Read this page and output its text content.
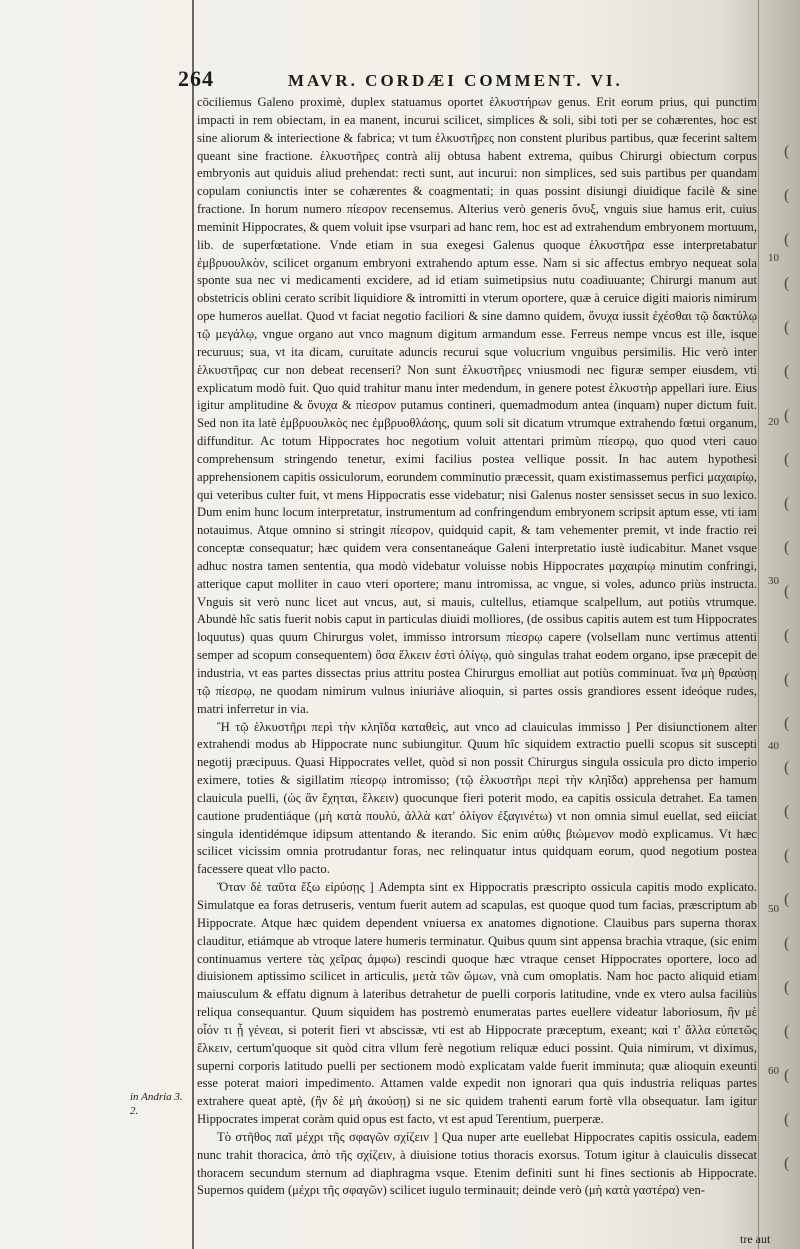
264	MAVR. CORDÆI COMMENT. VI.

cōciliemus Galeno proximè, duplex statuamus oportet ἑλκυστήρων genus. Erit eorum prius, qui punctim impacti in rem obiectam, in ea manent, incurui scilicet, simplices & soli, sibi toti per se cohærentes, hoc est sine aliorum & interiectione & fabrica; vt tum ἑλκυστῆρες non constent pluribus partibus, quæ fecerint saltem queant sine fractione. ἑλκυστῆρες contrà alij obtusa habent extrema, quibus Chirurgi obiectum corpus embryonis aut quiduis aliud prehendat: recti sunt, aut incurui: non simplices, sed suis partibus per quandam copulam coniunctis inter se cohærentes & coagmentati; in quas possint disiungi diuidique facilè & sine fractione. In horum numero πίεσρον recensemus. Alterius verò generis ὄνυξ, vnguis siue hamus erit, cuius meminit Hippocrates, & quem voluit ipse vsurpari ad hanc rem, hoc est ad extrahendum embryonem mortuum, lib. de superfœtatione. Vnde etiam in sua exegesi Galenus quoque ἑλκυστῆρα esse interpretabatur ἐμβρυουλκὸν, scilicet organum embryoni extrahendo aptum esse. Nam si sic affectus embryo nequeat sola sponte sua nec vi medicamenti excidere, ad id etiam suimetipsius nutu coadiuuante; Chirurgi manum aut obstetricis oblini cerato scribit liquidiore & intromitti in vterum oportere, quæ à ceruice digiti maioris nimirum ope humeros auellat. Quod vt faciat negotio faciliori & sine damno quidem, ὄνυχα iussit ἐχέσθαι τῷ δακτύλῳ τῷ μεγάλῳ, vngue organo aut vnco magnum digitum armandum esse. Ferreus nempe vncus est ille, isque recuruus; sua, vt ita dicam, curuitate aduncis recurui sque volucrium vnguibus persimilis. Hic verò inter ἑλκυστῆρας cur non debeat recenseri? Non sunt ἑλκυστῆρες vniusmodi nec figuræ semper eiusdem, vti explicatum modò fuit. Quo quid trahitur manu inter medendum, in genere potest ἑλκυστὴρ appellari iure. Eius igitur amplitudine & ὄνυχα & πίεσρον putamus contineri, quemadmodum antea (inquam) nuper dictum fuit. Sed non ita latè ἐμβρυουλκὸς nec ἐμβρυοθλάσης, quum soli sit dicatum vtrumque extrahendo fœtui organum, diffunditur. Ac totum Hippocrates hoc negotium voluit attentari primùm πίεσρῳ, quo quod vteri cauo comprehensum stringendo tenetur, eximi facilius postea vellique possit. In hac autem hypothesi apprehensionem capitis ossiculorum, eorundem comminutio præcessit, quam existimassemus perfici μαχαιρίῳ, qui veteribus culter fuit, vt mens Hippocratis esse videbatur; nisi Galenus noster sensisset secus in suo lexico. Dum enim hunc locum interpretatur, instrumentum ad confringendum embryonem scripsit aptum esse, vti iam notauimus. Atque omnino si stringit πίεσρον, quidquid capit, & tam vehementer premit, vt inde fractio rei conceptæ consequatur; hæc quidem vera consentaneáque Galeni interpretatio iustè iudicabitur. Manet vsque adhuc nostra tamen sententia, qua modò videbatur voluisse nobis Hippocrates μαχαιρίῳ minutim confringi, atterique caput molliter in cauo vteri oportere; manu intromissa, ac vngue, si voles, adunco priùs instructa. Vnguis sit verò nunc licet aut vncus, aut, si mauis, cultellus, etiamque scalpellum, aut potiùs vtrumque. Abundè hîc satis fuerit nobis caput in particulas diuidi molliores, (de ossibus capitis autem est tum Hippocrates loquutus) quas quum Chirurgus volet, immisso introrsum πίεσρῳ capere (volsellam nunc vertimus attenti semper ad scopum consequentem) ὅσα ἕλκειν ἐστὶ ὀλίγῳ, quò singulas trahat eodem organo, ipse præcepit de industria, vt eas partes dissectas prius attritu postea Chirurgus emolliat aut potiùs comminuat. ἵνα μὴ θραύσῃ τῷ πίεσρῳ, ne quodam nimirum vulnus iniuriáve alioquin, si partes ossis grandiores essent ideóque rudes, matri inferretur in via.

Ἢ τῷ ἑλκυστῆρι περὶ τὴν κληῖδα καταθεὶς, aut vnco ad clauiculas immisso ] Per disiunctionem alter extrahendi modus ab Hippocrate nunc subiungitur. Quum hîc siquidem extractio puelli scopus sit suscepti negotij præcipuus. Quasi Hippocrates vellet, quòd si non possit Chirurgus singula ossicula pro dicto imperio eximere, toties & sigillatim πίεσρῳ intromisso; (τῷ ἑλκυστῆρι περὶ τὴν κληῖδα) apprehensa per hamum clauicula puelli, (ὡς ἂν ἔχηται, ἕλκειν) quocunque fieri poterit modo, ea capitis ossicula detrahet. Ea tamen cautione prudentiáque (μὴ κατὰ πουλύ, ἀλλὰ κατ' ὀλίγον ἐξαγινέτω) vt non omnia simul euellat, sed eiiciat singula identidémque idipsum attentando & iterando. Sic enim αὐθις βιώμενον modò explicamus. Vt hæc scilicet vicissim omnia protrudantur foras, nec relinquatur intus quidquam eorum, quod negotium postea facessere queat vllo pacto.

Ὅταν δὲ ταῦτα ἔξω εἰρύσῃς ] Adempta sint ex Hippocratis præscripto ossicula capitis modo explicato. Simulatque ea foras detruseris, ventum fuerit autem ad scapulas, est quoque quod tum facias, præscriptum ab Hippocrate. Atque hæc quidem dependent vniuersa ex anatomes dignotione. Clauibus pars superna thorax clauditur, etiámque ab vtroque latere humeris terminatur. Quibus quum sint appensa brachia vtraque, (sic enim continuamus vertere τὰς χεῖρας ἀμφω) rescindi quoque hæc vtraque censet Hippocrates oportere, loco ad diuisionem aptissimo scilicet in articulis, μετὰ τῶν ὤμων, vnà cum omoplatis. Nam hoc pacto aliquid etiam maiusculum & effatu dignum à lateribus detrahetur de puelli corporis latitudine, vnde ex vtero aulsa faciliùs reliqua consequantur. Quum siquidem has postremò enumeratas partes euellere videatur laboriosum, ἢν μὲ οἷόν τι ᾖ γένεαι, si poterit fieri vt abscissæ, vti est ab Hippocrate præceptum, exeant; καὶ τ' ἄλλα εὐπετῶς ἕλκειν, certum'quoque sit quòd citra vllum ferè negotium reliquæ educi possint. Quia nimirum, vt diximus, superni corporis latitudo puelli per sectionem modò explicatam valde fuerit imminuta; quæ alioquin exeunti esse poterat maiori impedimento. Attamen valde expedit non ignorari qua quis industria reliquas partes extrahere queat aptè, (ἢν δὲ μὴ ἀκούσῃ) si ne sic quidem trahenti earum fortè vlla obsequatur. Iam igitur Hippocrates imperat coràm quid opus est facto, vt est apud Terentium, puerperæ.

Τὸ στῆθος παῖ μέχρι τῆς σφαγῶν σχίζειν ] Qua nuper arte euellebat Hippocrates capitis ossicula, eadem nunc trahit thoracica, ἀπὸ τῆς σχίζειν, à diuisione totius thoracis exorsus. Totum igitur à clauiculis dissecat thoracem secundum sternum ad diaphragma vsque. Etenim definiti sunt hi fines sectionis ab Hippocrate. Supernos quidem (μέχρι τῆς σφαγῶν) scilicet iugulo terminauit; deinde verò (μὴ κατὰ γαστέρα) ven-

10
20
30
40
50
60
in Andria 3. 2.
(
(
(
(
(
(
(
(
(
(
(
(
(
(
(
(
(
(
(
(
(
(
(
(
tre aut
